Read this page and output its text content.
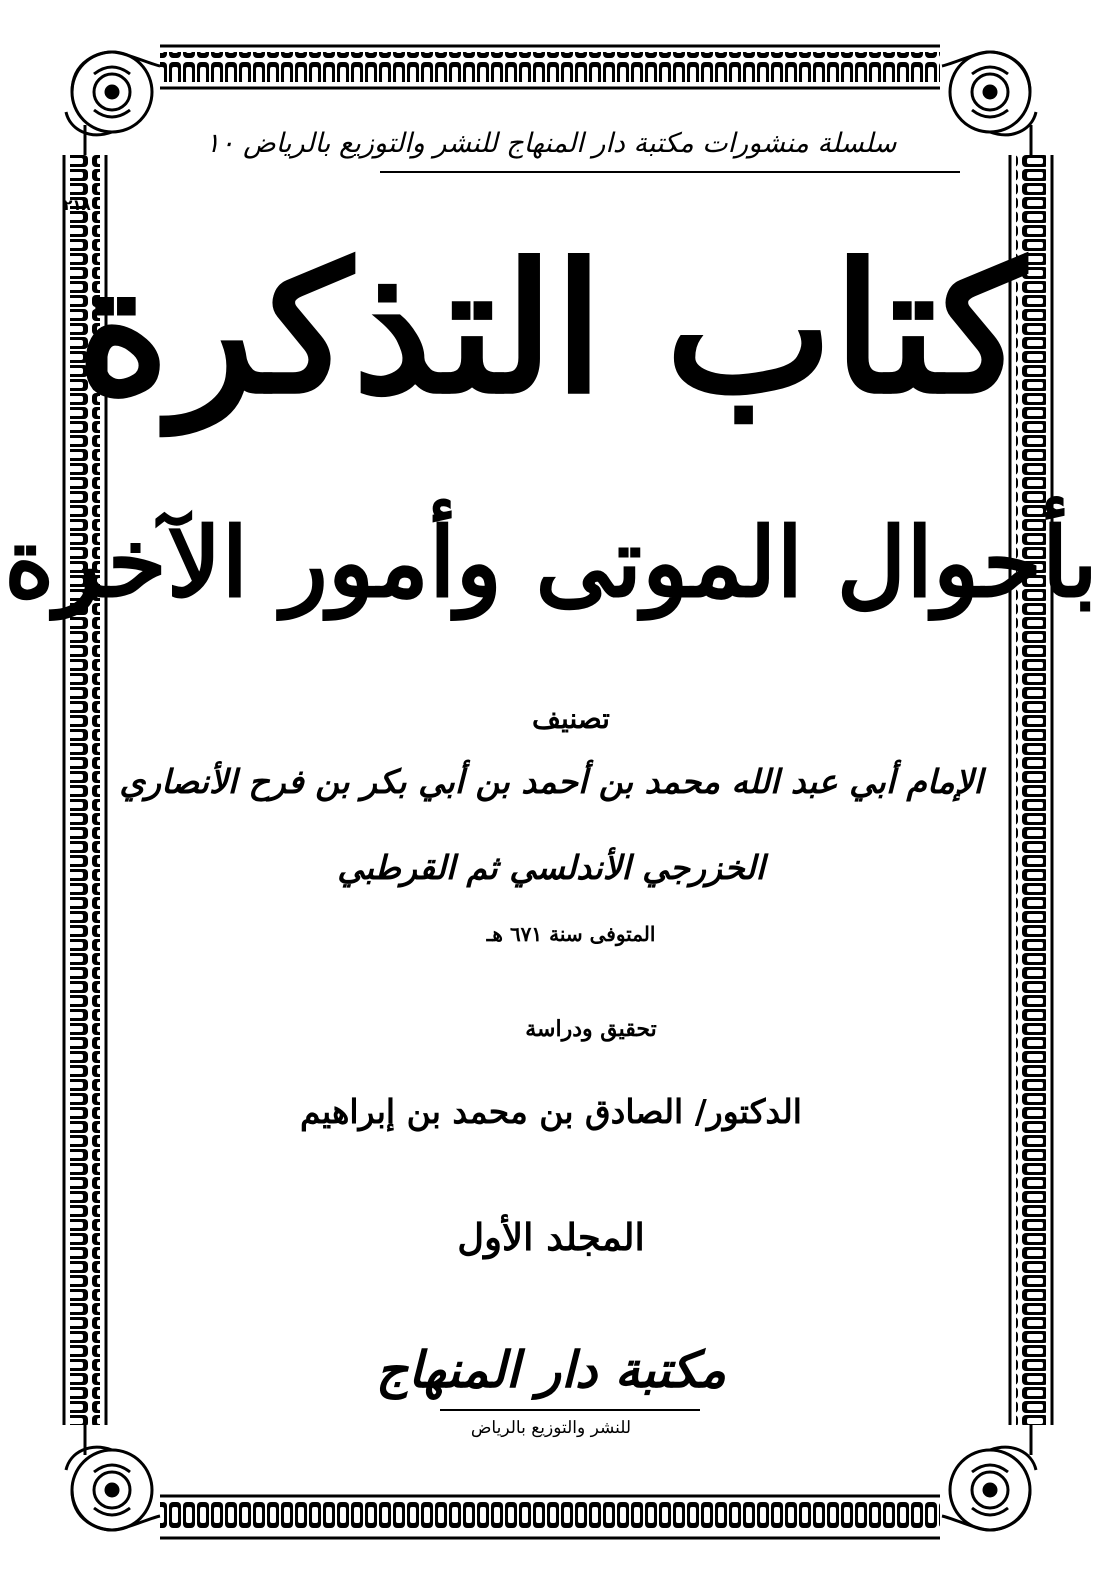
٢١٨

سلسلة منشورات مكتبة دار المنهاج للنشر والتوزيع بالرياض ١٠

كتاب التذكرة
بأحوال الموتى وأمور الآخرة

تصنيف

الإمام أبي عبد الله محمد بن أحمد بن أبي بكر بن فرح الأنصاري

الخزرجي الأندلسي ثم القرطبي

المتوفى سنة ٦٧١ هـ

تحقيق ودراسة

الدكتور/ الصادق بن محمد بن إبراهيم

المجلد الأول

مكتبة دار المنهاج

للنشر والتوزيع بالرياض
